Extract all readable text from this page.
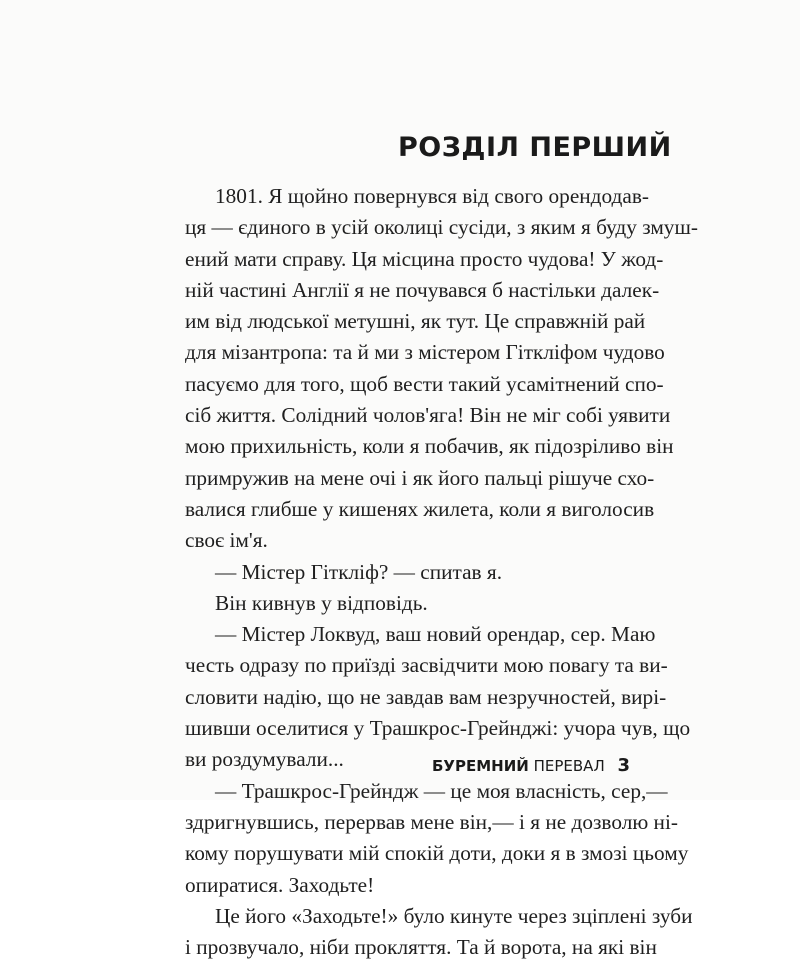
РОЗДІЛ ПЕРШИЙ
1801. Я щойно повернувся від свого орендодав-
ця — єдиного в усій околиці сусіди, з яким я буду змуш-
ений мати справу. Ця місцина просто чудова! У жод-
ній частині Англії я не почувався б настільки далек-
им від людської метушні, як тут. Це справжній рай
для мізантропа: та й ми з містером Гіткліфом чудово
пасуємо для того, щоб вести такий усамітнений спо-
сіб життя. Солідний чолов'яга! Він не міг собі уявити
мою прихильність, коли я побачив, як підозріливо він
примружив на мене очі і як його пальці рішуче схо-
валися глибше у кишенях жилета, коли я виголосив
своє ім'я.
— Містер Гіткліф? — спитав я.
Він кивнув у відповідь.
— Містер Локвуд, ваш новий орендар, сер. Маю
честь одразу по приїзді засвідчити мою повагу та ви-
словити надію, що не завдав вам незручностей, вирі-
шивши оселитися у Трашкрос-Грейнджі: учора чув, що
ви роздумували...
— Трашкрос-Грейндж — це моя власність, сер,—
здригнувшись, перервав мене він,— і я не дозволю ні-
кому порушувати мій спокій доти, доки я в змозі цьому
опиратися. Заходьте!
Це його «Заходьте!» було кинуте через зціплені зуби
і прозвучало, ніби прокляття. Та й ворота, на які він
БУРЕМНИЙ ПЕРЕВАЛ 3
